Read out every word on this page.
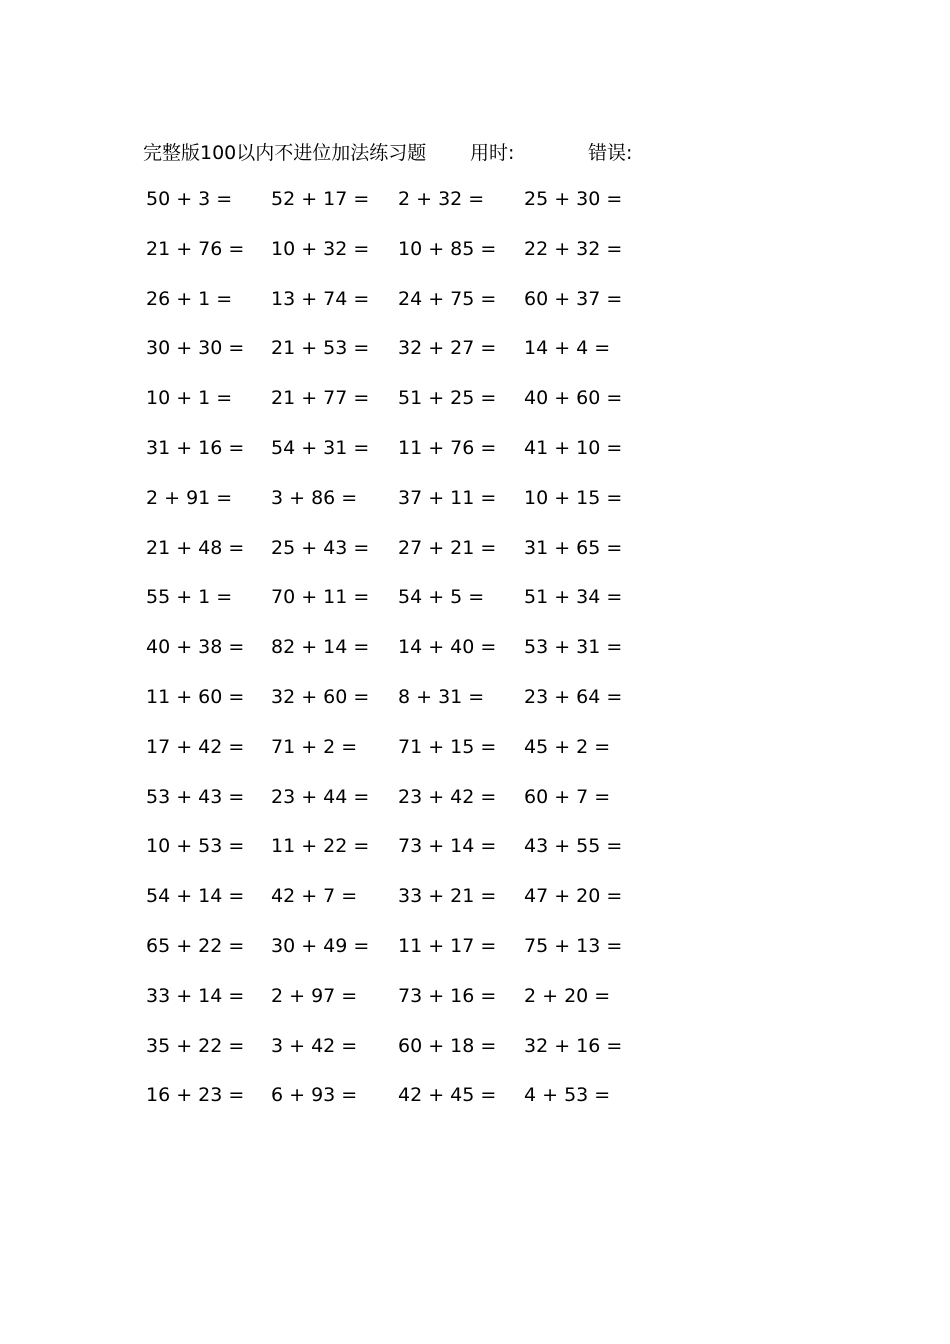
完整版100以内不进位加法练习题 用时:	错误:
50 + 3 = 52 + 17 = 2 + 32 = 25 + 30 =
21 + 76 = 10 + 32 = 10 + 85 = 22 + 32 =
26 + 1 = 13 + 74 = 24 + 75 = 60 + 37 =
30 + 30 = 21 + 53 = 32 + 27 = 14 + 4 =
10 + 1 = 21 + 77 = 51 + 25 = 40 + 60 =
31 + 16 = 54 + 31 = 11 + 76 = 41 + 10 =
2 + 91 = 3 + 86 = 37 + 11 = 10 + 15 =
21 + 48 = 25 + 43 = 27 + 21 = 31 + 65 =
55 + 1 = 70 + 11 = 54 + 5 = 51 + 34 =
40 + 38 = 82 + 14 = 14 + 40 = 53 + 31 =
11 + 60 = 32 + 60 = 8 + 31 = 23 + 64 =
17 + 42 = 71 + 2 = 71 + 15 = 45 + 2 =
53 + 43 = 23 + 44 = 23 + 42 = 60 + 7 =
10 + 53 = 11 + 22 = 73 + 14 = 43 + 55 =
54 + 14 = 42 + 7 = 33 + 21 = 47 + 20 =
65 + 22 = 30 + 49 = 11 + 17 = 75 + 13 =
33 + 14 = 2 + 97 = 73 + 16 = 2 + 20 =
35 + 22 = 3 + 42 = 60 + 18 = 32 + 16 =
16 + 23 = 6 + 93 = 42 + 45 = 4 + 53 =
